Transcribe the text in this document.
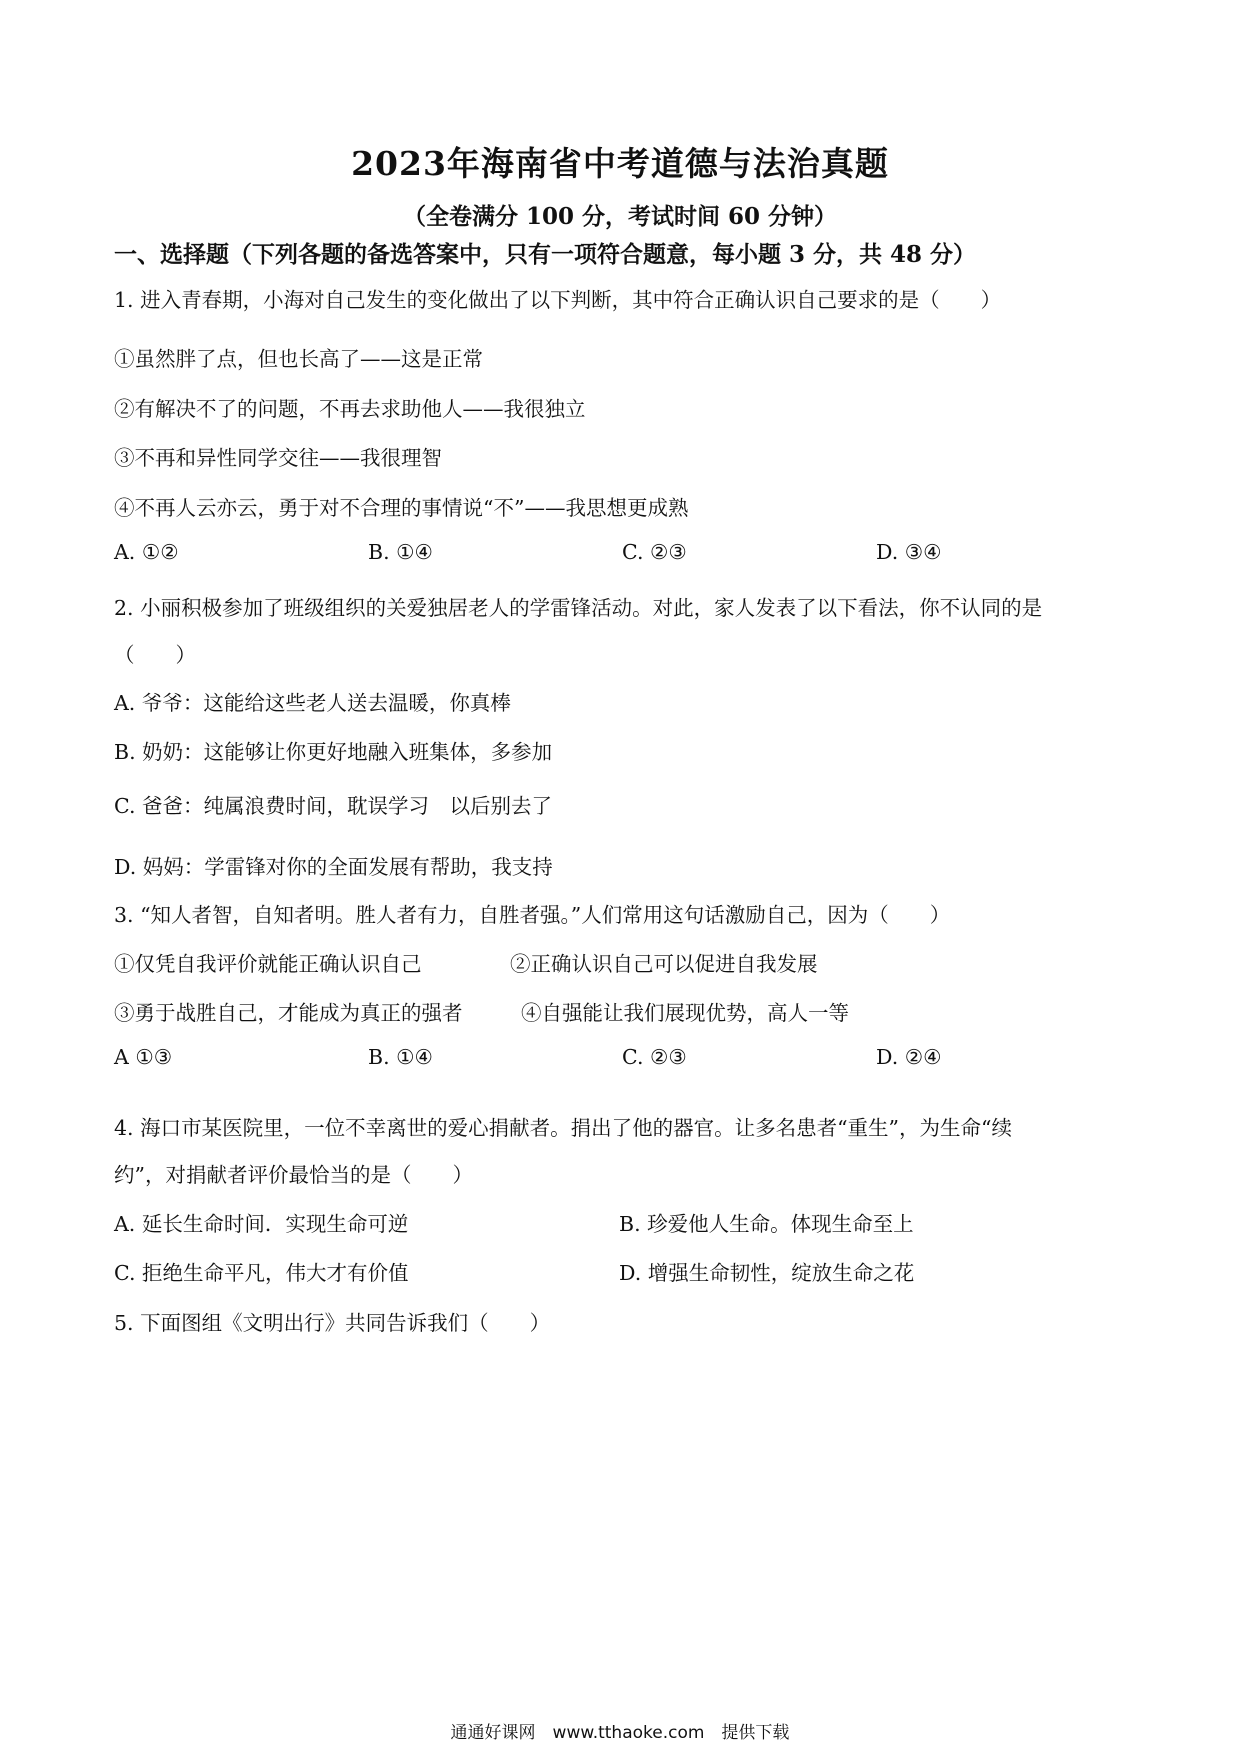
2023年海南省中考道德与法治真题
（全卷满分 100 分，考试时间 60 分钟）
一、选择题（下列各题的备选答案中，只有一项符合题意，每小题 3 分，共 48 分）
1. 进入青春期，小海对自己发生的变化做出了以下判断，其中符合正确认识自己要求的是（　　）
①虽然胖了点，但也长高了——这是正常
②有解决不了的问题，不再去求助他人——我很独立
③不再和异性同学交往——我很理智
④不再人云亦云，勇于对不合理的事情说“不”——我思想更成熟
A. ①②	B. ①④	C. ②③	D. ③④
2. 小丽积极参加了班级组织的关爱独居老人的学雷锋活动。对此，家人发表了以下看法，你不认同的是
（　　）
A. 爷爷：这能给这些老人送去温暖，你真棒
B. 奶奶：这能够让你更好地融入班集体，多参加
C. 爸爸：纯属浪费时间，耽误学习　以后别去了
D. 妈妈：学雷锋对你的全面发展有帮助，我支持
3. “知人者智，自知者明。胜人者有力，自胜者强。”人们常用这句话激励自己，因为（　　）
①仅凭自我评价就能正确认识自己	②正确认识自己可以促进自我发展
③勇于战胜自己，才能成为真正的强者	④自强能让我们展现优势，高人一等
A ①③	B. ①④	C. ②③	D. ②④
4. 海口市某医院里，一位不幸离世的爱心捐献者。捐出了他的器官。让多名患者“重生”，为生命“续
约”，对捐献者评价最恰当的是（　　）
A. 延长生命时间．实现生命可逆	B. 珍爱他人生命。体现生命至上
C. 拒绝生命平凡，伟大才有价值	D. 增强生命韧性，绽放生命之花
5. 下面图组《文明出行》共同告诉我们（　　）
通通好课网　www.tthaoke.com　提供下载
